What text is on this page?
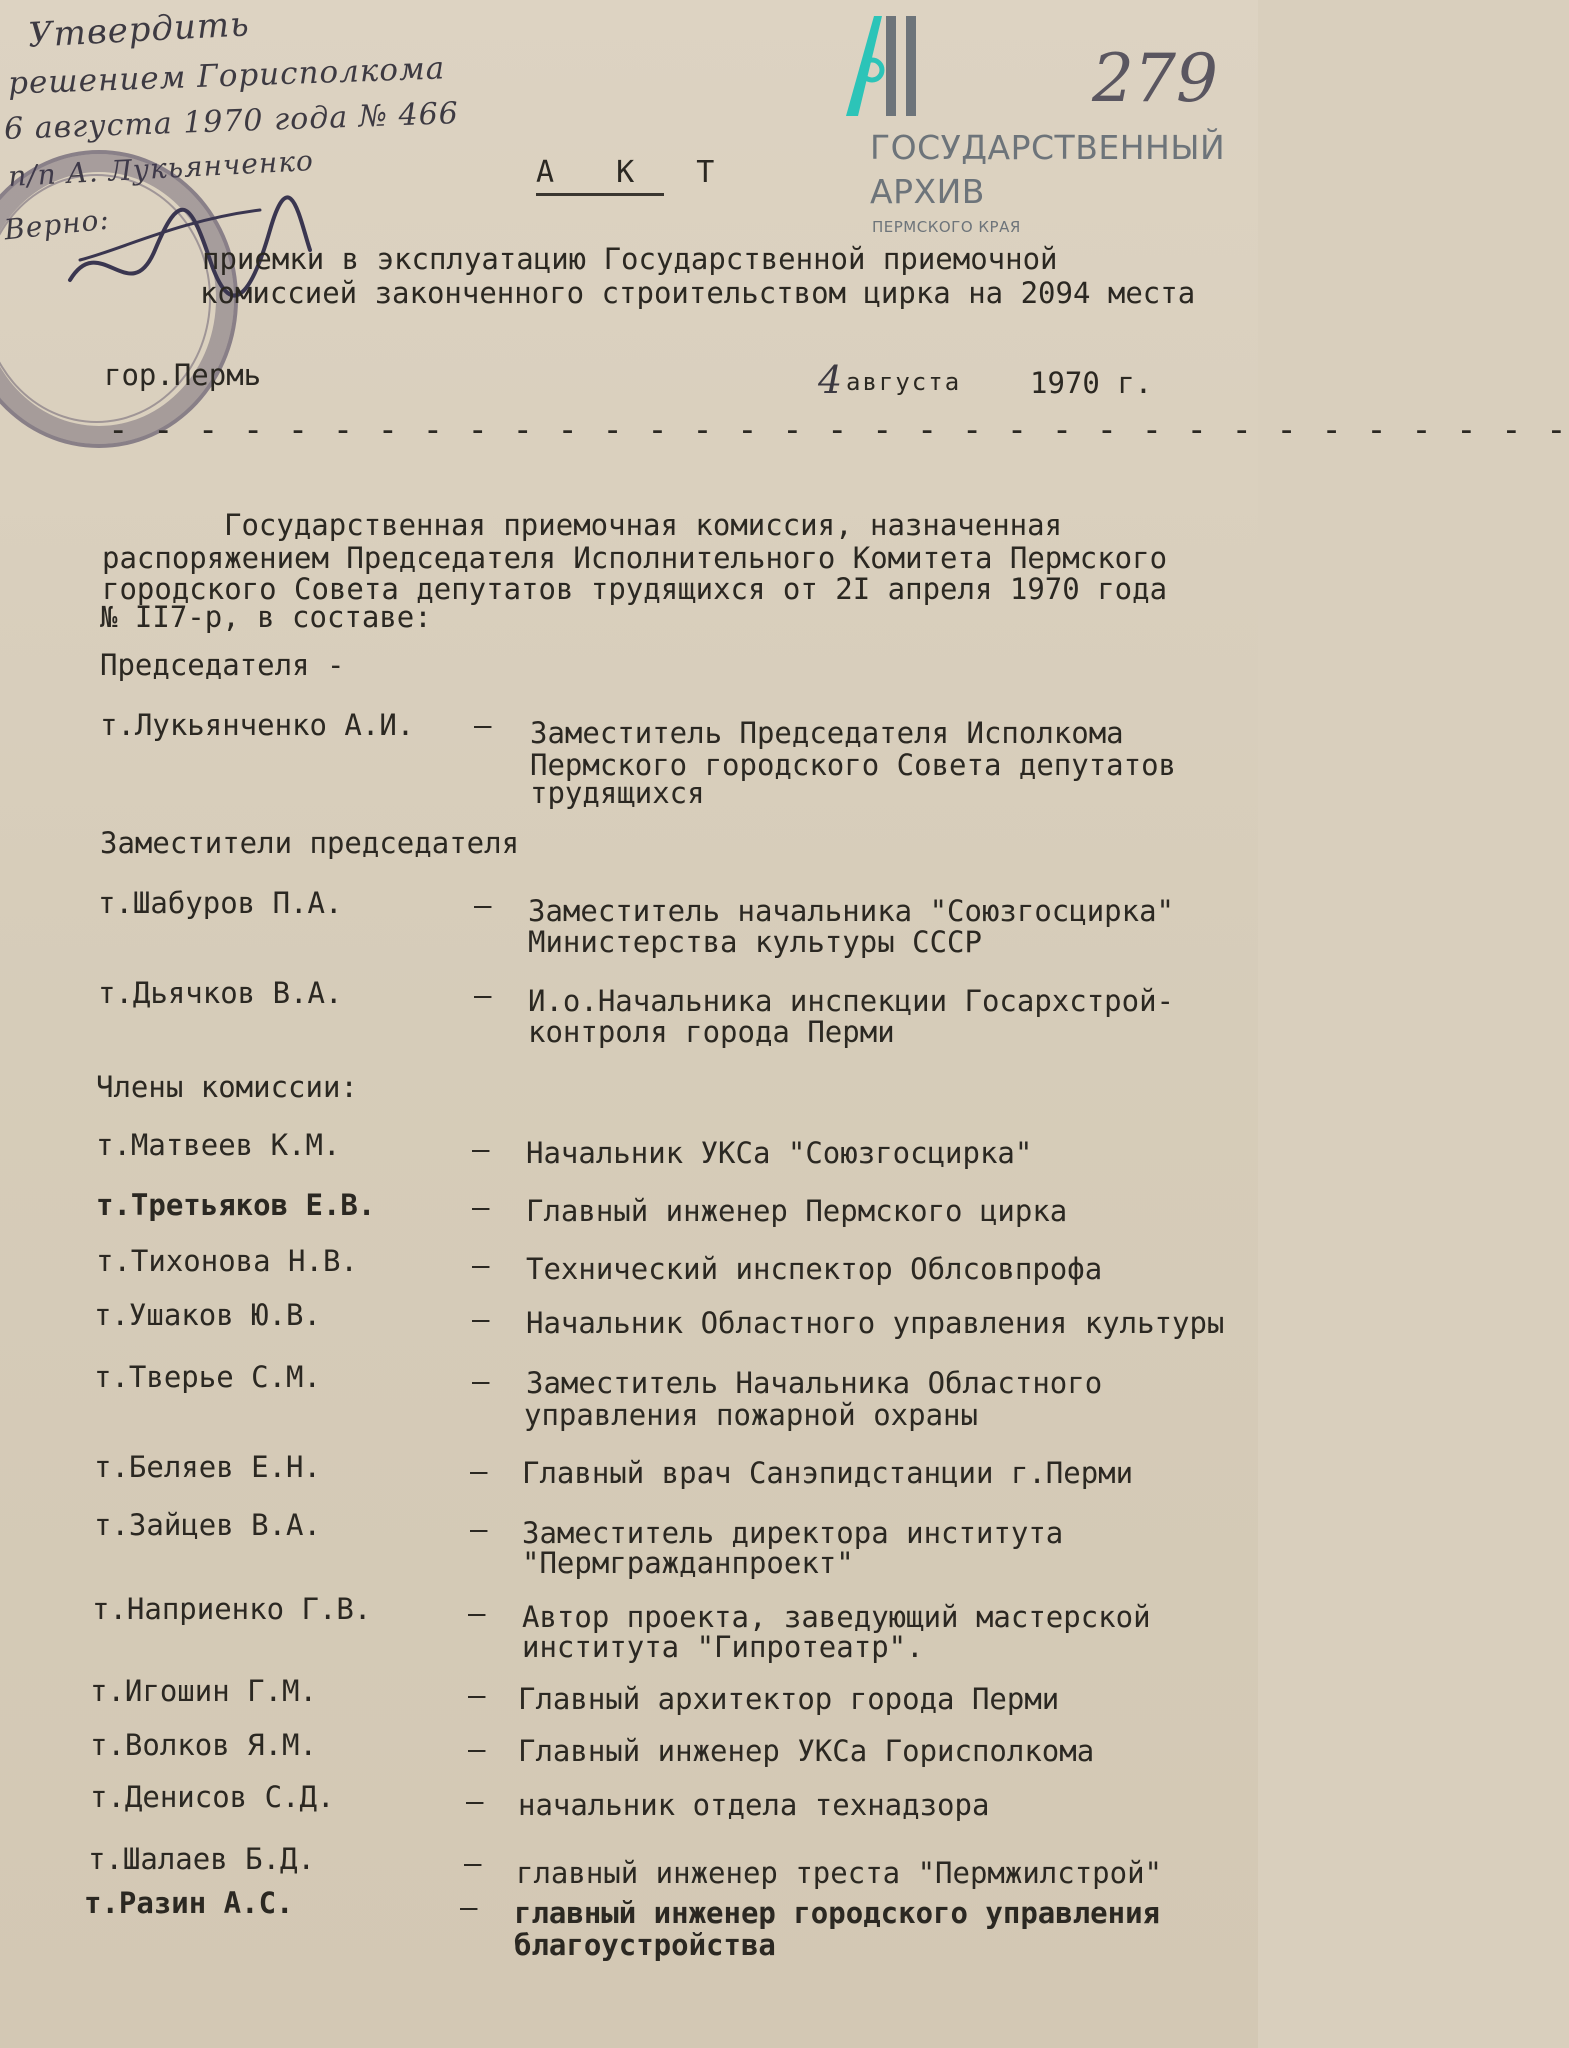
Утвердить
решением Горисполкома
6 августа 1970 года № 466
п/п А. Лукьянченко
Верно:
ГОСУДАРСТВЕННЫЙ
АРХИВ
ПЕРМСКОГО КРАЯ
279
А К Т
приемки в эксплуатацию Государственной приемочной
комиссией законченного строительством цирка на 2094 места
гор.Пермь	4 августа 1970 г.
- - - - - - - - - - - - - - - - - - - - - - - - - - - - - - - - -
Государственная приемочная комиссия, назначенная
распоряжением Председателя Исполнительного Комитета Пермского
городского Совета депутатов трудящихся от 2I апреля 1970 года
№ II7-р, в составе:
Председателя -
т.Лукьянченко А.И. – Заместитель Председателя Исполкома
Пермского городского Совета депутатов
трудящихся
Заместители председателя
т.Шабуров П.А.	– Заместитель начальника "Союзгосцирка"
Министерства культуры СССР
т.Дьячков В.А.	– И.о.Начальника инспекции Госархстрой-
контроля города Перми
Члены комиссии:
т.Матвеев К.М.	– Начальник УКСа "Союзгосцирка"
т.Третьяков Е.В.	– Главный инженер Пермского цирка
т.Тихонова Н.В.	– Технический инспектор Облсовпрофа
т.Ушаков Ю.В.	– Начальник Областного управления культуры
т.Тверье С.М.	– Заместитель Начальника Областного
управления пожарной охраны
т.Беляев Е.Н.	– Главный врач Санэпидстанции г.Перми
т.Зайцев В.А.	– Заместитель директора института
"Пермгражданпроект"
т.Наприенко Г.В.	– Автор проекта, заведующий мастерской
института "Гипротеатр".
т.Игошин Г.М.	– Главный архитектор города Перми
т.Волков Я.М.	– Главный инженер УКСа Горисполкома
т.Денисов С.Д.	– начальник отдела технадзора
т.Шалаев Б.Д.	– главный инженер треста "Пермжилстрой"
т.Разин А.С.	– главный инженер городского управления
благоустройства
